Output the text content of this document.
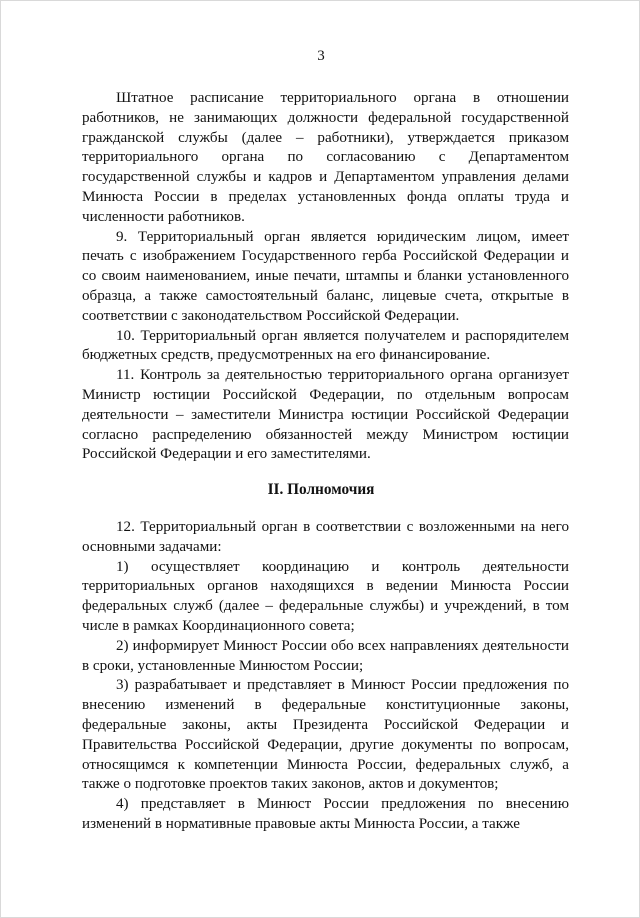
3

Штатное расписание территориального органа в отношении работников, не занимающих должности федеральной государственной гражданской службы (далее – работники), утверждается приказом территориального органа по согласованию с Департаментом государственной службы и кадров и Департаментом управления делами Минюста России в пределах установленных фонда оплаты труда и численности работников.

9. Территориальный орган является юридическим лицом, имеет печать с изображением Государственного герба Российской Федерации и со своим наименованием, иные печати, штампы и бланки установленного образца, а также самостоятельный баланс, лицевые счета, открытые в соответствии с законодательством Российской Федерации.

10. Территориальный орган является получателем и распорядителем бюджетных средств, предусмотренных на его финансирование.

11. Контроль за деятельностью территориального органа организует Министр юстиции Российской Федерации, по отдельным вопросам деятельности – заместители Министра юстиции Российской Федерации согласно распределению обязанностей между Министром юстиции Российской Федерации и его заместителями.

II. Полномочия

12. Территориальный орган в соответствии с возложенными на него основными задачами:

1) осуществляет координацию и контроль деятельности территориальных органов находящихся в ведении Минюста России федеральных служб (далее – федеральные службы) и учреждений, в том числе в рамках Координационного совета;

2) информирует Минюст России обо всех направлениях деятельности в сроки, установленные Минюстом России;

3) разрабатывает и представляет в Минюст России предложения по внесению изменений в федеральные конституционные законы, федеральные законы, акты Президента Российской Федерации и Правительства Российской Федерации, другие документы по вопросам, относящимся к компетенции Минюста России, федеральных служб, а также о подготовке проектов таких законов, актов и документов;

4) представляет в Минюст России предложения по внесению изменений в нормативные правовые акты Минюста России, а также
